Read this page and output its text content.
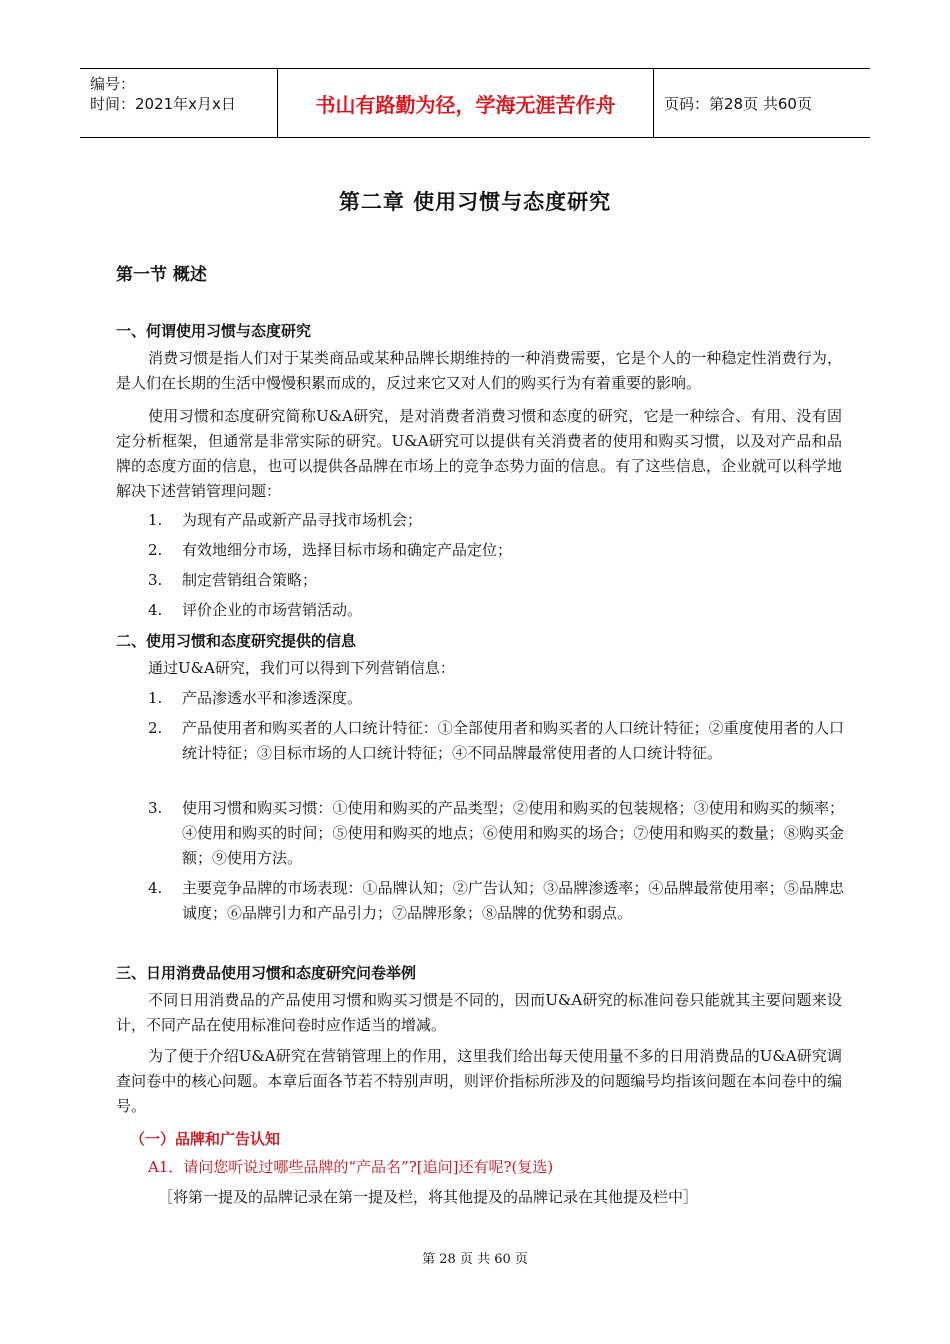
编号：
时间：2021年x月x日	书山有路勤为径，学海无涯苦作舟	页码：第28页 共60页
第二章 使用习惯与态度研究
第一节 概述
一、何谓使用习惯与态度研究
消费习惯是指人们对于某类商品或某种品牌长期维持的一种消费需要，它是个人的一种稳定性消费行为，是人们在长期的生活中慢慢积累而成的，反过来它又对人们的购买行为有着重要的影响。
使用习惯和态度研究简称U&A研究，是对消费者消费习惯和态度的研究，它是一种综合、有用、没有固定分析框架，但通常是非常实际的研究。U&A研究可以提供有关消费者的使用和购买习惯，以及对产品和品牌的态度方面的信息，也可以提供各品牌在市场上的竞争态势力面的信息。有了这些信息，企业就可以科学地解决下述营销管理问题：
1. 为现有产品或新产品寻找市场机会；
2. 有效地细分市场，选择目标市场和确定产品定位；
3. 制定营销组合策略；
4. 评价企业的市场营销活动。
二、使用习惯和态度研究提供的信息
通过U&A研究，我们可以得到下列营销信息：
1. 产品渗透水平和渗透深度。
2. 产品使用者和购买者的人口统计特征：①全部使用者和购买者的人口统计特征；②重度使用者的人口统计特征；③目标市场的人口统计特征；④不同品牌最常使用者的人口统计特征。
3. 使用习惯和购买习惯：①使用和购买的产品类型；②使用和购买的包装规格；③使用和购买的频率；④使用和购买的时间；⑤使用和购买的地点；⑥使用和购买的场合；⑦使用和购买的数量；⑧购买金额；⑨使用方法。
4. 主要竞争品牌的市场表现：①品牌认知；②广告认知；③品牌渗透率；④品牌最常使用率；⑤品牌忠诚度；⑥品牌引力和产品引力；⑦品牌形象；⑧品牌的优势和弱点。
三、日用消费品使用习惯和态度研究问卷举例
不同日用消费品的产品使用习惯和购买习惯是不同的，因而U&A研究的标准问卷只能就其主要问题来设计，不同产品在使用标准问卷时应作适当的增减。
为了便于介绍U&A研究在营销管理上的作用，这里我们给出每天使用量不多的日用消费品的U&A研究调查问卷中的核心问题。本章后面各节若不特别声明，则评价指标所涉及的问题编号均指该问题在本问卷中的编号。
（一）品牌和广告认知
A1．请问您听说过哪些品牌的“产品名”?[追问]还有呢?(复选)
［将第一提及的品牌记录在第一提及栏，将其他提及的品牌记录在其他提及栏中］
第 28 页 共 60 页
